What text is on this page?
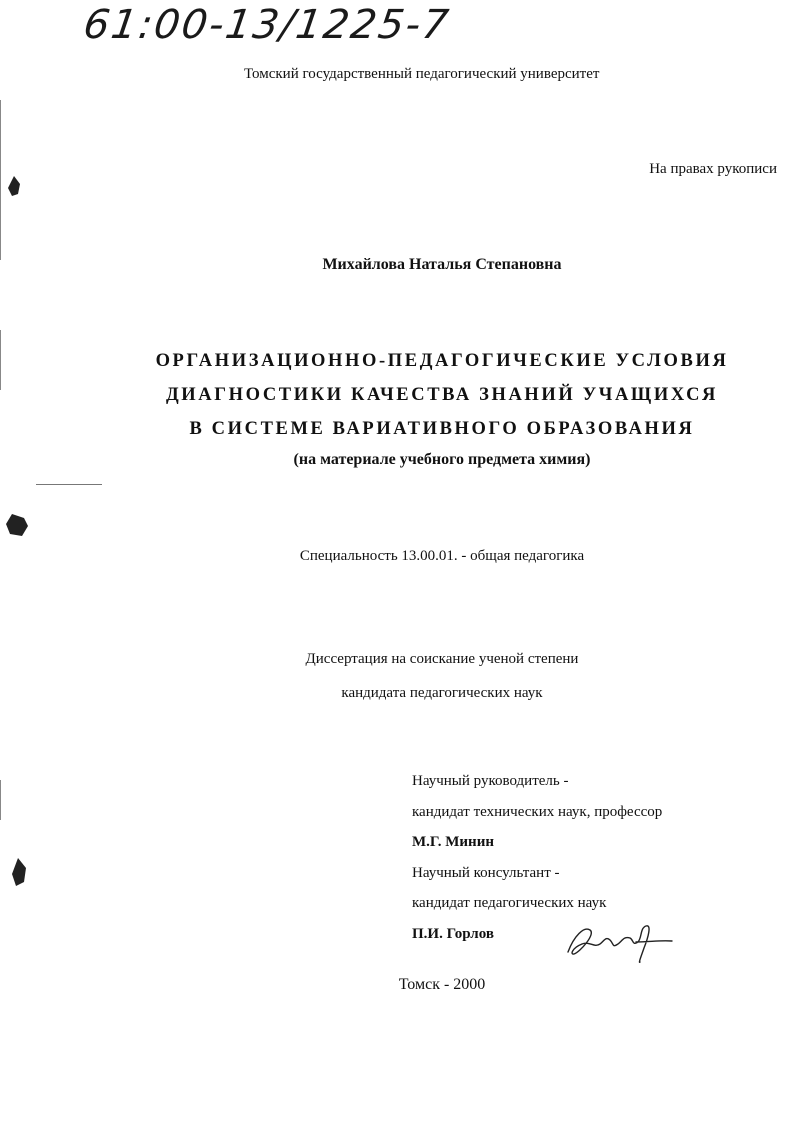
61:00-13/1225-7
Томский государственный педагогический университет
На правах рукописи
Михайлова Наталья Степановна
ОРГАНИЗАЦИОННО-ПЕДАГОГИЧЕСКИЕ УСЛОВИЯ
ДИАГНОСТИКИ КАЧЕСТВА ЗНАНИЙ УЧАЩИХСЯ
В СИСТЕМЕ ВАРИАТИВНОГО ОБРАЗОВАНИЯ
(на материале учебного предмета химия)
Специальность 13.00.01. - общая педагогика
Диссертация на соискание ученой степени
кандидата педагогических наук
Научный руководитель -
кандидат технических наук, профессор
М.Г. Минин
Научный консультант -
кандидат педагогических наук
П.И. Горлов
Томск - 2000
